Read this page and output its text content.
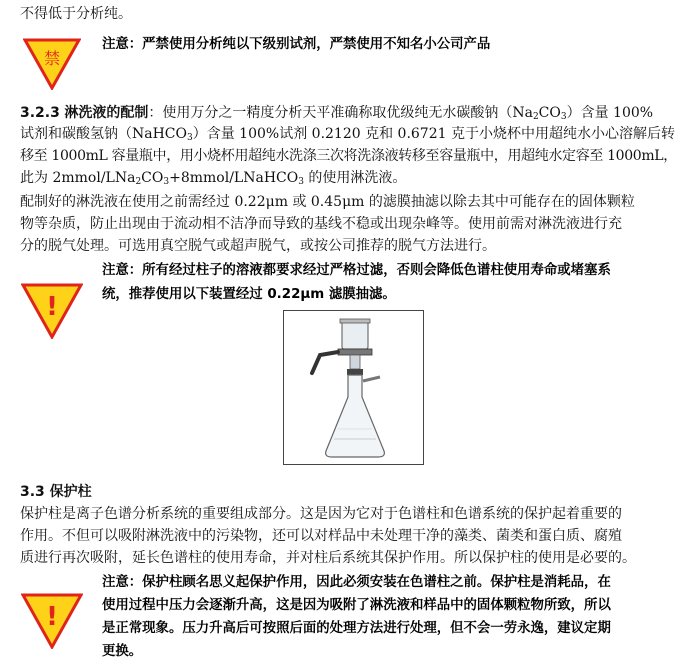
不得低于分析纯。
禁
注意：严禁使用分析纯以下级别试剂，严禁使用不知名小公司产品
3.2.3 淋洗液的配制：使用万分之一精度分析天平准确称取优级纯无水碳酸钠$(Na_2CO_3)$含量 100%
试剂和碳酸氢钠（NaHCO$_3$）含量 100%试剂 0.2120 克和 0.6721 克于小烧杯中用超纯水小心溶解后转
移至 1000mL 容量瓶中，用小烧杯用超纯水洗涤三次将洗涤液转移至容量瓶中，用超纯水定容至 1000mL，
此为 $2mmol/LNa_2CO_3+8mmol/LNaHCO_3$ 的使用淋洗液。
配制好的淋洗液在使用之前需经过 0.22μm 或 0.45μm 的滤膜抽滤以除去其中可能存在的固体颗粒
物等杂质，防止出现由于流动相不洁净而导致的基线不稳或出现杂峰等。使用前需对淋洗液进行充
分的脱气处理。可选用真空脱气或超声脱气，或按公司推荐的脱气方法进行。
!
注意：所有经过柱子的溶液都要求经过严格过滤，否则会降低色谱柱使用寿命或堵塞系
统，推荐使用以下装置经过 0.22μm 滤膜抽滤。
3.3 保护柱
保护柱是离子色谱分析系统的重要组成部分。这是因为它对于色谱柱和色谱系统的保护起着重要的
作用。不但可以吸附淋洗液中的污染物，还可以对样品中未处理干净的藻类、菌类和蛋白质、腐殖
质进行再次吸附，延长色谱柱的使用寿命，并对柱后系统其保护作用。所以保护柱的使用是必要的。
!
注意：保护柱顾名思义起保护作用，因此必须安装在色谱柱之前。保护柱是消耗品，在
使用过程中压力会逐渐升高，这是因为吸附了淋洗液和样品中的固体颗粒物所致，所以
是正常现象。压力升高后可按照后面的处理方法进行处理，但不会一劳永逸，建议定期
更换。
